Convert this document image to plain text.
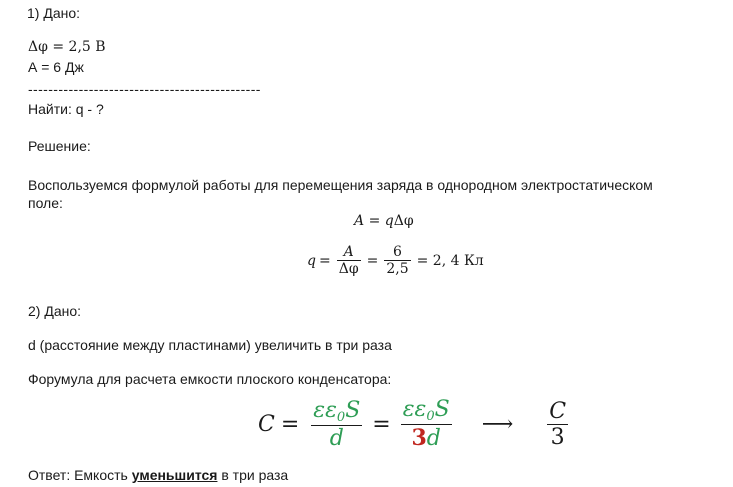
1) Дано:
Δφ = 2,5 В
А = 6 Дж
----------------------------------------------
Найти: q - ?
Решение:
Воспользуемся формулой работы для перемещения заряда в однородном электростатическом
поле:
A = qΔφ
$q = \frac{A}{\Delta\varphi} = \frac{6}{2,5} = 2$, 4 Кл
2) Дано:
d (расстояние между пластинами) увеличить в три раза
Форумула для расчета емкости плоского конденсатора:
$C = \frac{\varepsilon\varepsilon_0S}{d} = \frac{\varepsilon\varepsilon_0S}{3d}$ ⟶ $\frac{C}{3}$
Ответ: Емкость уменьшится в три раза
